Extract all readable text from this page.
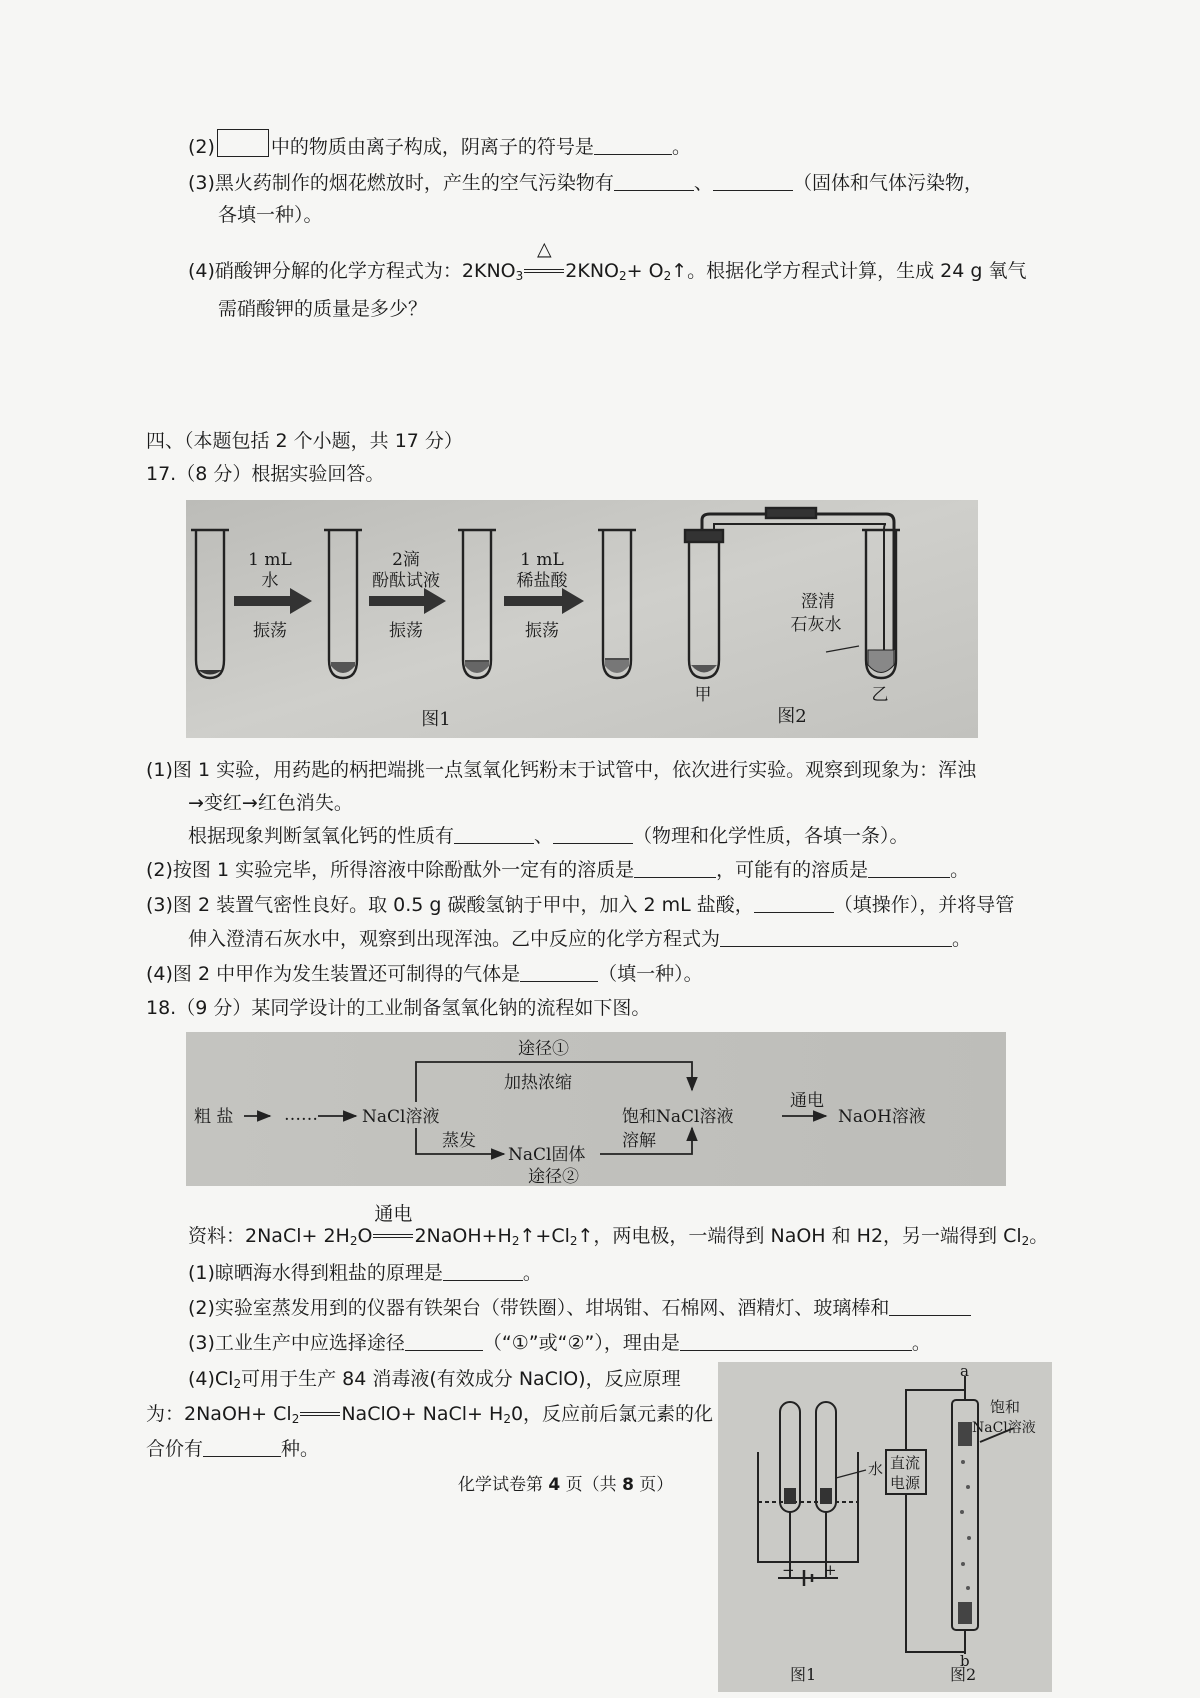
(2)	中的物质由离子构成，阴离子的符号是	。
(3)黑火药制作的烟花燃放时，产生的空气污染物有	、	（固体和气体污染物，
各填一种）。
(4)硝酸钾分解的化学方程式为：$2KNO_3$
△
$2KNO_2+$ $O_2↑$。根据化学方程式计算，生成 24 g 氧气
需硝酸钾的质量是多少？
四、（本题包括 2 个小题，共 17 分）
17.（8 分）根据实验回答。
1 mL
水
振荡
2滴
酚酞试液
振荡
1 mL
稀盐酸
振荡
图1
澄清
石灰水
甲	乙
图2
(1)图 1 实验，用药匙的柄把端挑一点氢氧化钙粉末于试管中，依次进行实验。观察到现象为：浑浊
→变红→红色消失。
根据现象判断氢氧化钙的性质有	、	（物理和化学性质，各填一条）。
(2)按图 1 实验完毕，所得溶液中除酚酞外一定有的溶质是	，可能有的溶质是	。
(3)图 2 装置气密性良好。取 0.5 g 碳酸氢钠于甲中，加入 2 mL 盐酸，	（填操作），并将导管
伸入澄清石灰水中，观察到出现浑浊。乙中反应的化学方程式为	。
(4)图 2 中甲作为发生装置还可制得的气体是	（填一种）。
18.（9 分）某同学设计的工业制备氢氧化钠的流程如下图。
粗 盐	……	NaCl溶液
途径①
加热浓缩
蒸发
NaCl固体
途径②
溶解
饱和NaCl溶液
通电
NaOH溶液
资料：2NaCl+ $2H_2O$
通电
$2NaOH+H_2↑+Cl_2↑$，两电极，一端得到 NaOH 和 H2，另一端得到 $Cl_2$。
(1)晾晒海水得到粗盐的原理是	。
(2)实验室蒸发用到的仪器有铁架台（带铁圈）、坩埚钳、石棉网、酒精灯、玻璃棒和
(3)工业生产中应选择途径	（“①”或“②”），理由是	。
$(4)Cl_2$可用于生产 84 消毒液(有效成分 NaClO)，反应原理
为：2NaOH+ $Cl_2$ NaClO+ NaCl+ $H_20$，反应前后氯元素的化
合价有	种。
水
− +
图1
a
b
直流
电源
饱和
NaCl溶液
图2
化学试卷第 4 页（共 8 页）
